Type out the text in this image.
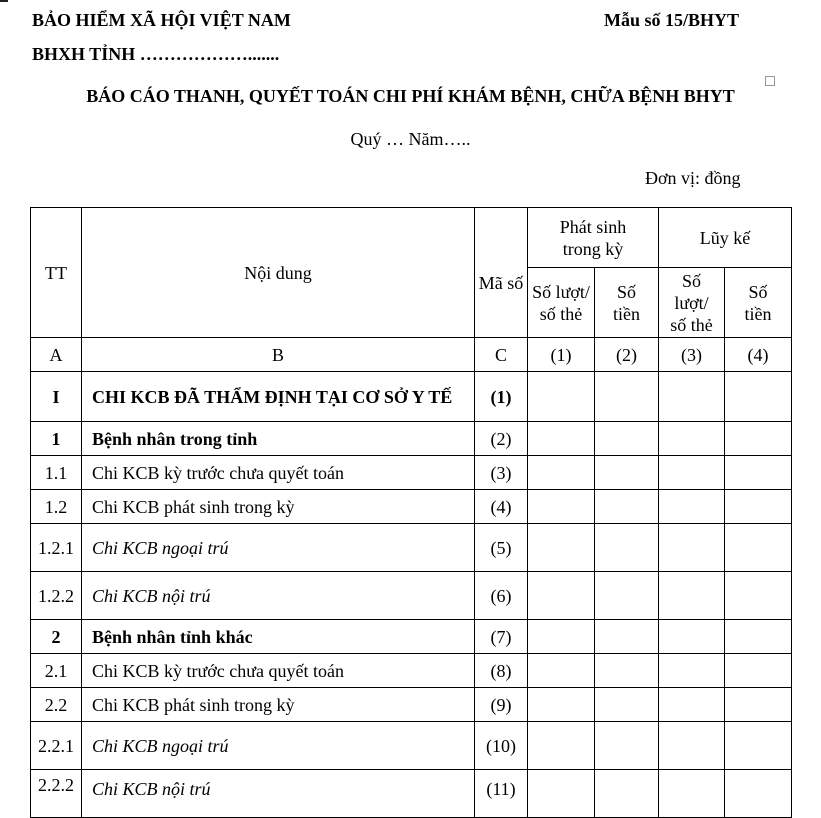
BẢO HIỂM XÃ HỘI VIỆT NAM	Mẫu số 15/BHYT
BHXH TỈNH ……………….......
BÁO CÁO THANH, QUYẾT TOÁN CHI PHÍ KHÁM BỆNH, CHỮA BỆNH BHYT
Quý … Năm…..
Đơn vị: đồng
TT	Nội dung	Mã số	Phát sinh trong kỳ		Lũy kế	
			Số lượt/ số thẻ	Số tiền	Số lượt/ số thẻ	Số tiền
A	B	C	(1)	(2)	(3)	(4)
I	CHI KCB ĐÃ THẨM ĐỊNH TẠI CƠ SỞ Y TẾ	(1)				
1	Bệnh nhân trong tỉnh	(2)				
1.1	Chi KCB kỳ trước chưa quyết toán	(3)				
1.2	Chi KCB phát sinh trong kỳ	(4)				
1.2.1	Chi KCB ngoại trú	(5)				
1.2.2	Chi KCB nội trú	(6)				
2	Bệnh nhân tỉnh khác	(7)				
2.1	Chi KCB kỳ trước chưa quyết toán	(8)				
2.2	Chi KCB phát sinh trong kỳ	(9)				
2.2.1	Chi KCB ngoại trú	(10)				
2.2.2	Chi KCB nội trú	(11)				
